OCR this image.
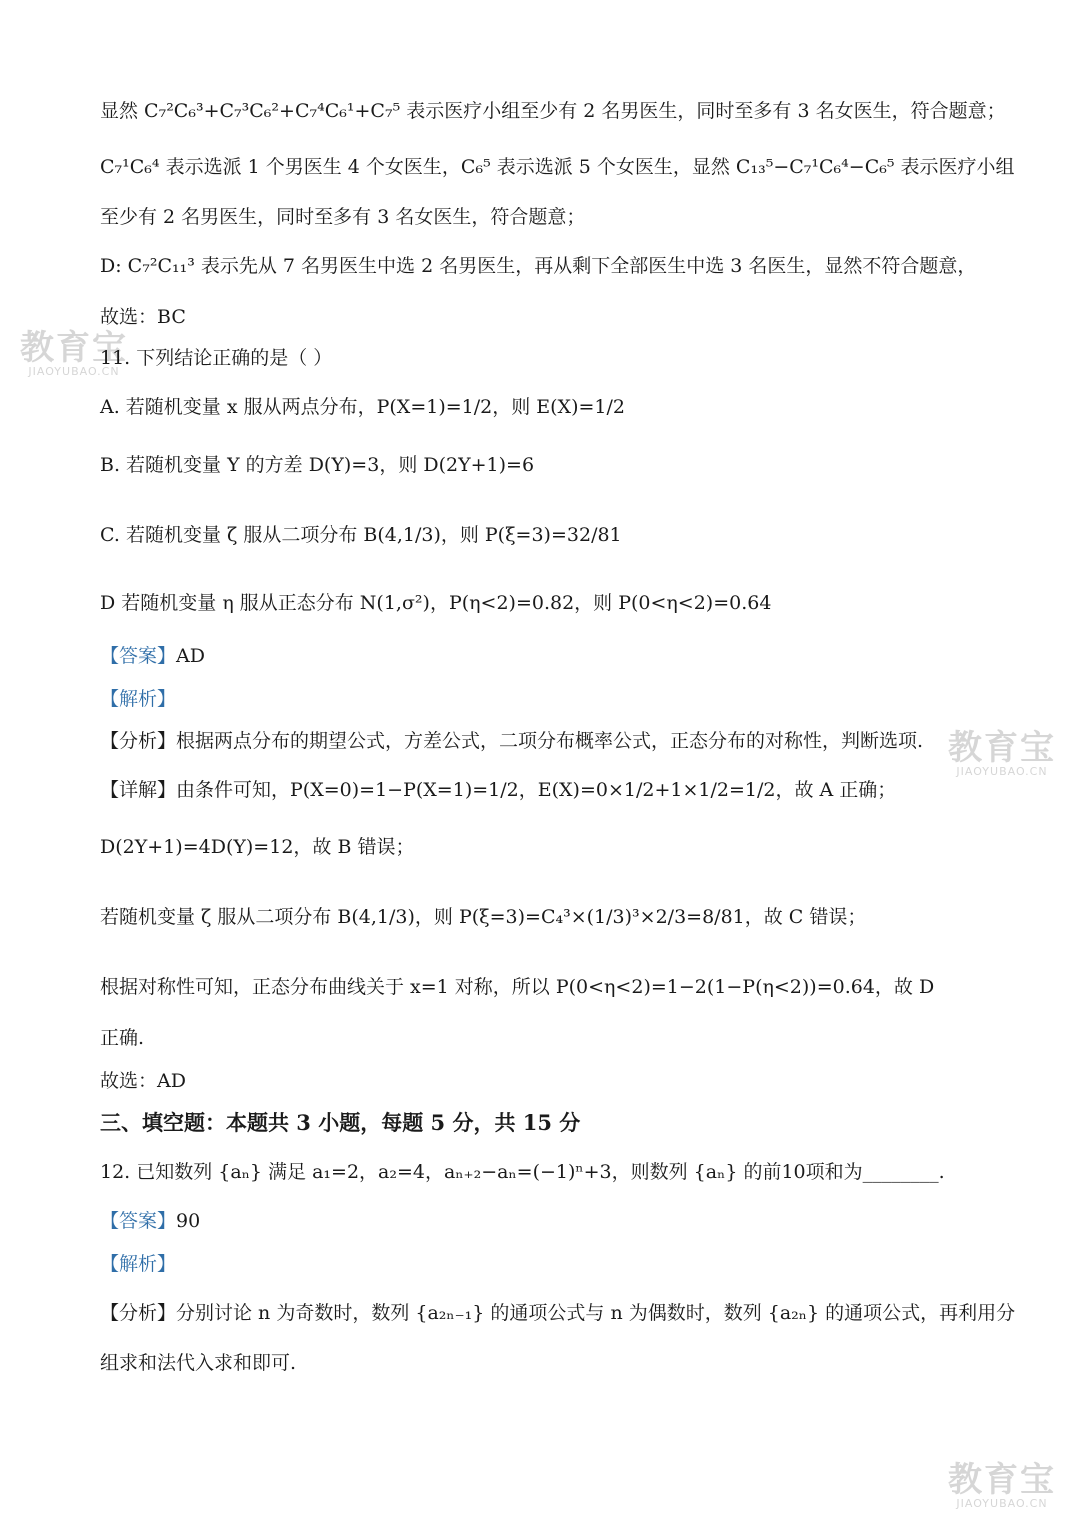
教育宝
JIAOYUBAO.CN
教育宝
JIAOYUBAO.CN
教育宝
JIAOYUBAO.CN
显然 C₇²C₆³+C₇³C₆²+C₇⁴C₆¹+C₇⁵ 表示医疗小组至少有 2 名男医生，同时至多有 3 名女医生，符合题意；
C₇¹C₆⁴ 表示选派 1 个男医生 4 个女医生，C₆⁵ 表示选派 5 个女医生，显然 C₁₃⁵−C₇¹C₆⁴−C₆⁵ 表示医疗小组
至少有 2 名男医生，同时至多有 3 名女医生，符合题意；
D: C₇²C₁₁³ 表示先从 7 名男医生中选 2 名男医生，再从剩下全部医生中选 3 名医生，显然不符合题意，
故选：BC
11. 下列结论正确的是（ ）
A. 若随机变量 x 服从两点分布，P(X=1)=1/2，则 E(X)=1/2
B. 若随机变量 Y 的方差 D(Y)=3，则 D(2Y+1)=6
C. 若随机变量 ζ 服从二项分布 B(4,1/3)，则 P(ξ=3)=32/81
D 若随机变量 η 服从正态分布 N(1,σ²)，P(η<2)=0.82，则 P(0<η<2)=0.64
【答案】AD
【解析】
【分析】根据两点分布的期望公式，方差公式，二项分布概率公式，正态分布的对称性，判断选项.
【详解】由条件可知，P(X=0)=1−P(X=1)=1/2，E(X)=0×1/2+1×1/2=1/2，故 A 正确；
D(2Y+1)=4D(Y)=12，故 B 错误；
若随机变量 ζ 服从二项分布 B(4,1/3)，则 P(ξ=3)=C₄³×(1/3)³×2/3=8/81，故 C 错误；
根据对称性可知，正态分布曲线关于 x=1 对称，所以 P(0<η<2)=1−2(1−P(η<2))=0.64，故 D
正确.
故选：AD
三、填空题：本题共 3 小题，每题 5 分，共 15 分
12. 已知数列 {aₙ} 满足 a₁=2，a₂=4，aₙ₊₂−aₙ=(−1)ⁿ+3，则数列 {aₙ} 的前10项和为________.
【答案】90
【解析】
【分析】分别讨论 n 为奇数时，数列 {a₂ₙ₋₁} 的通项公式与 n 为偶数时，数列 {a₂ₙ} 的通项公式，再利用分
组求和法代入求和即可.
